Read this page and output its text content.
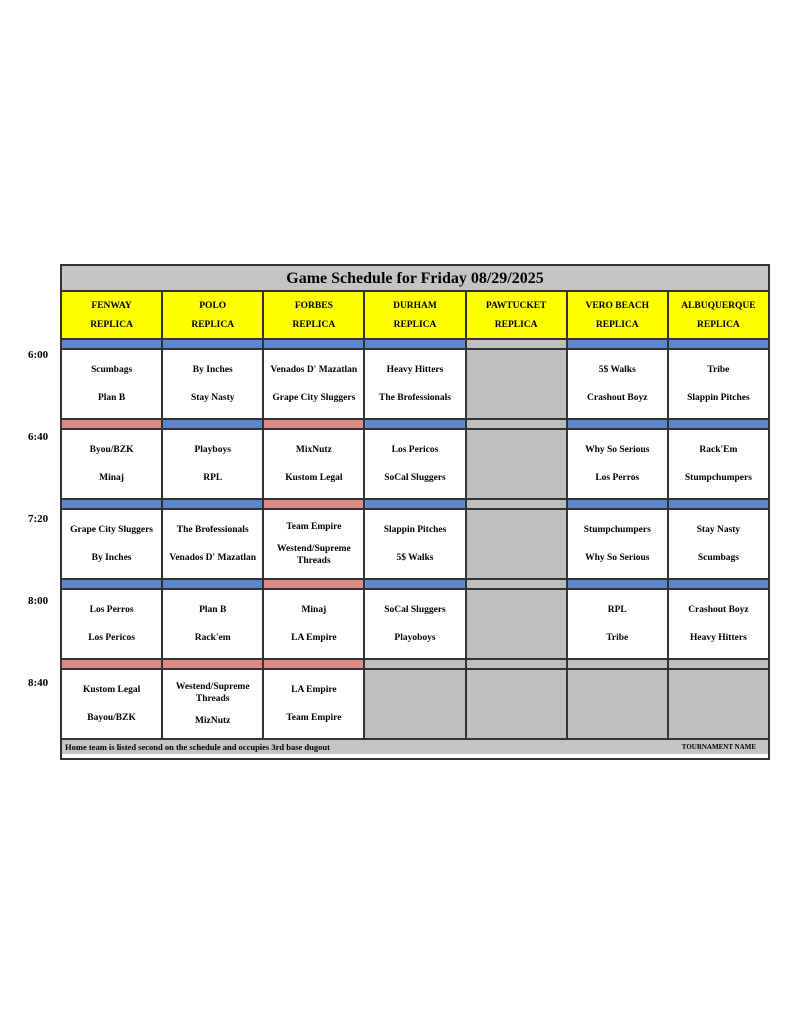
Game Schedule for Friday 08/29/2025
FENWAY
REPLICA
POLO
REPLICA
FORBES
REPLICA
DURHAM
REPLICA
PAWTUCKET
REPLICA
VERO BEACH
REPLICA
ALBUQUERQUE
REPLICA
Scumbags
Plan B
By Inches
Stay Nasty
Venados D' Mazatlan
Grape City Sluggers
Heavy Hitters
The Brofessionals
5$ Walks
Crashout Boyz
Tribe
Slappin Pitches
Byou/BZK
Minaj
Playboys
RPL
MixNutz
Kustom Legal
Los Pericos
SoCal Sluggers
Why So Serious
Los Perros
Rack'Em
Stumpchumpers
Grape City Sluggers
By Inches
The Brofessionals
Venados D' Mazatlan
Team Empire
Westend/Supreme Threads
Slappin Pitches
5$ Walks
Stumpchumpers
Why So Serious
Stay Nasty
Scumbags
Los Perros
Los Pericos
Plan B
Rack'em
Minaj
LA Empire
SoCal Sluggers
Playoboys
RPL
Tribe
Crashout Boyz
Heavy Hitters
Kustom Legal
Bayou/BZK
Westend/Supreme Threads
MizNutz
LA Empire
Team Empire
Home team is listed second on the schedule and occupies 3rd base dugout	TOURNAMENT NAME
6:00
6:40
7:20
8:00
8:40
